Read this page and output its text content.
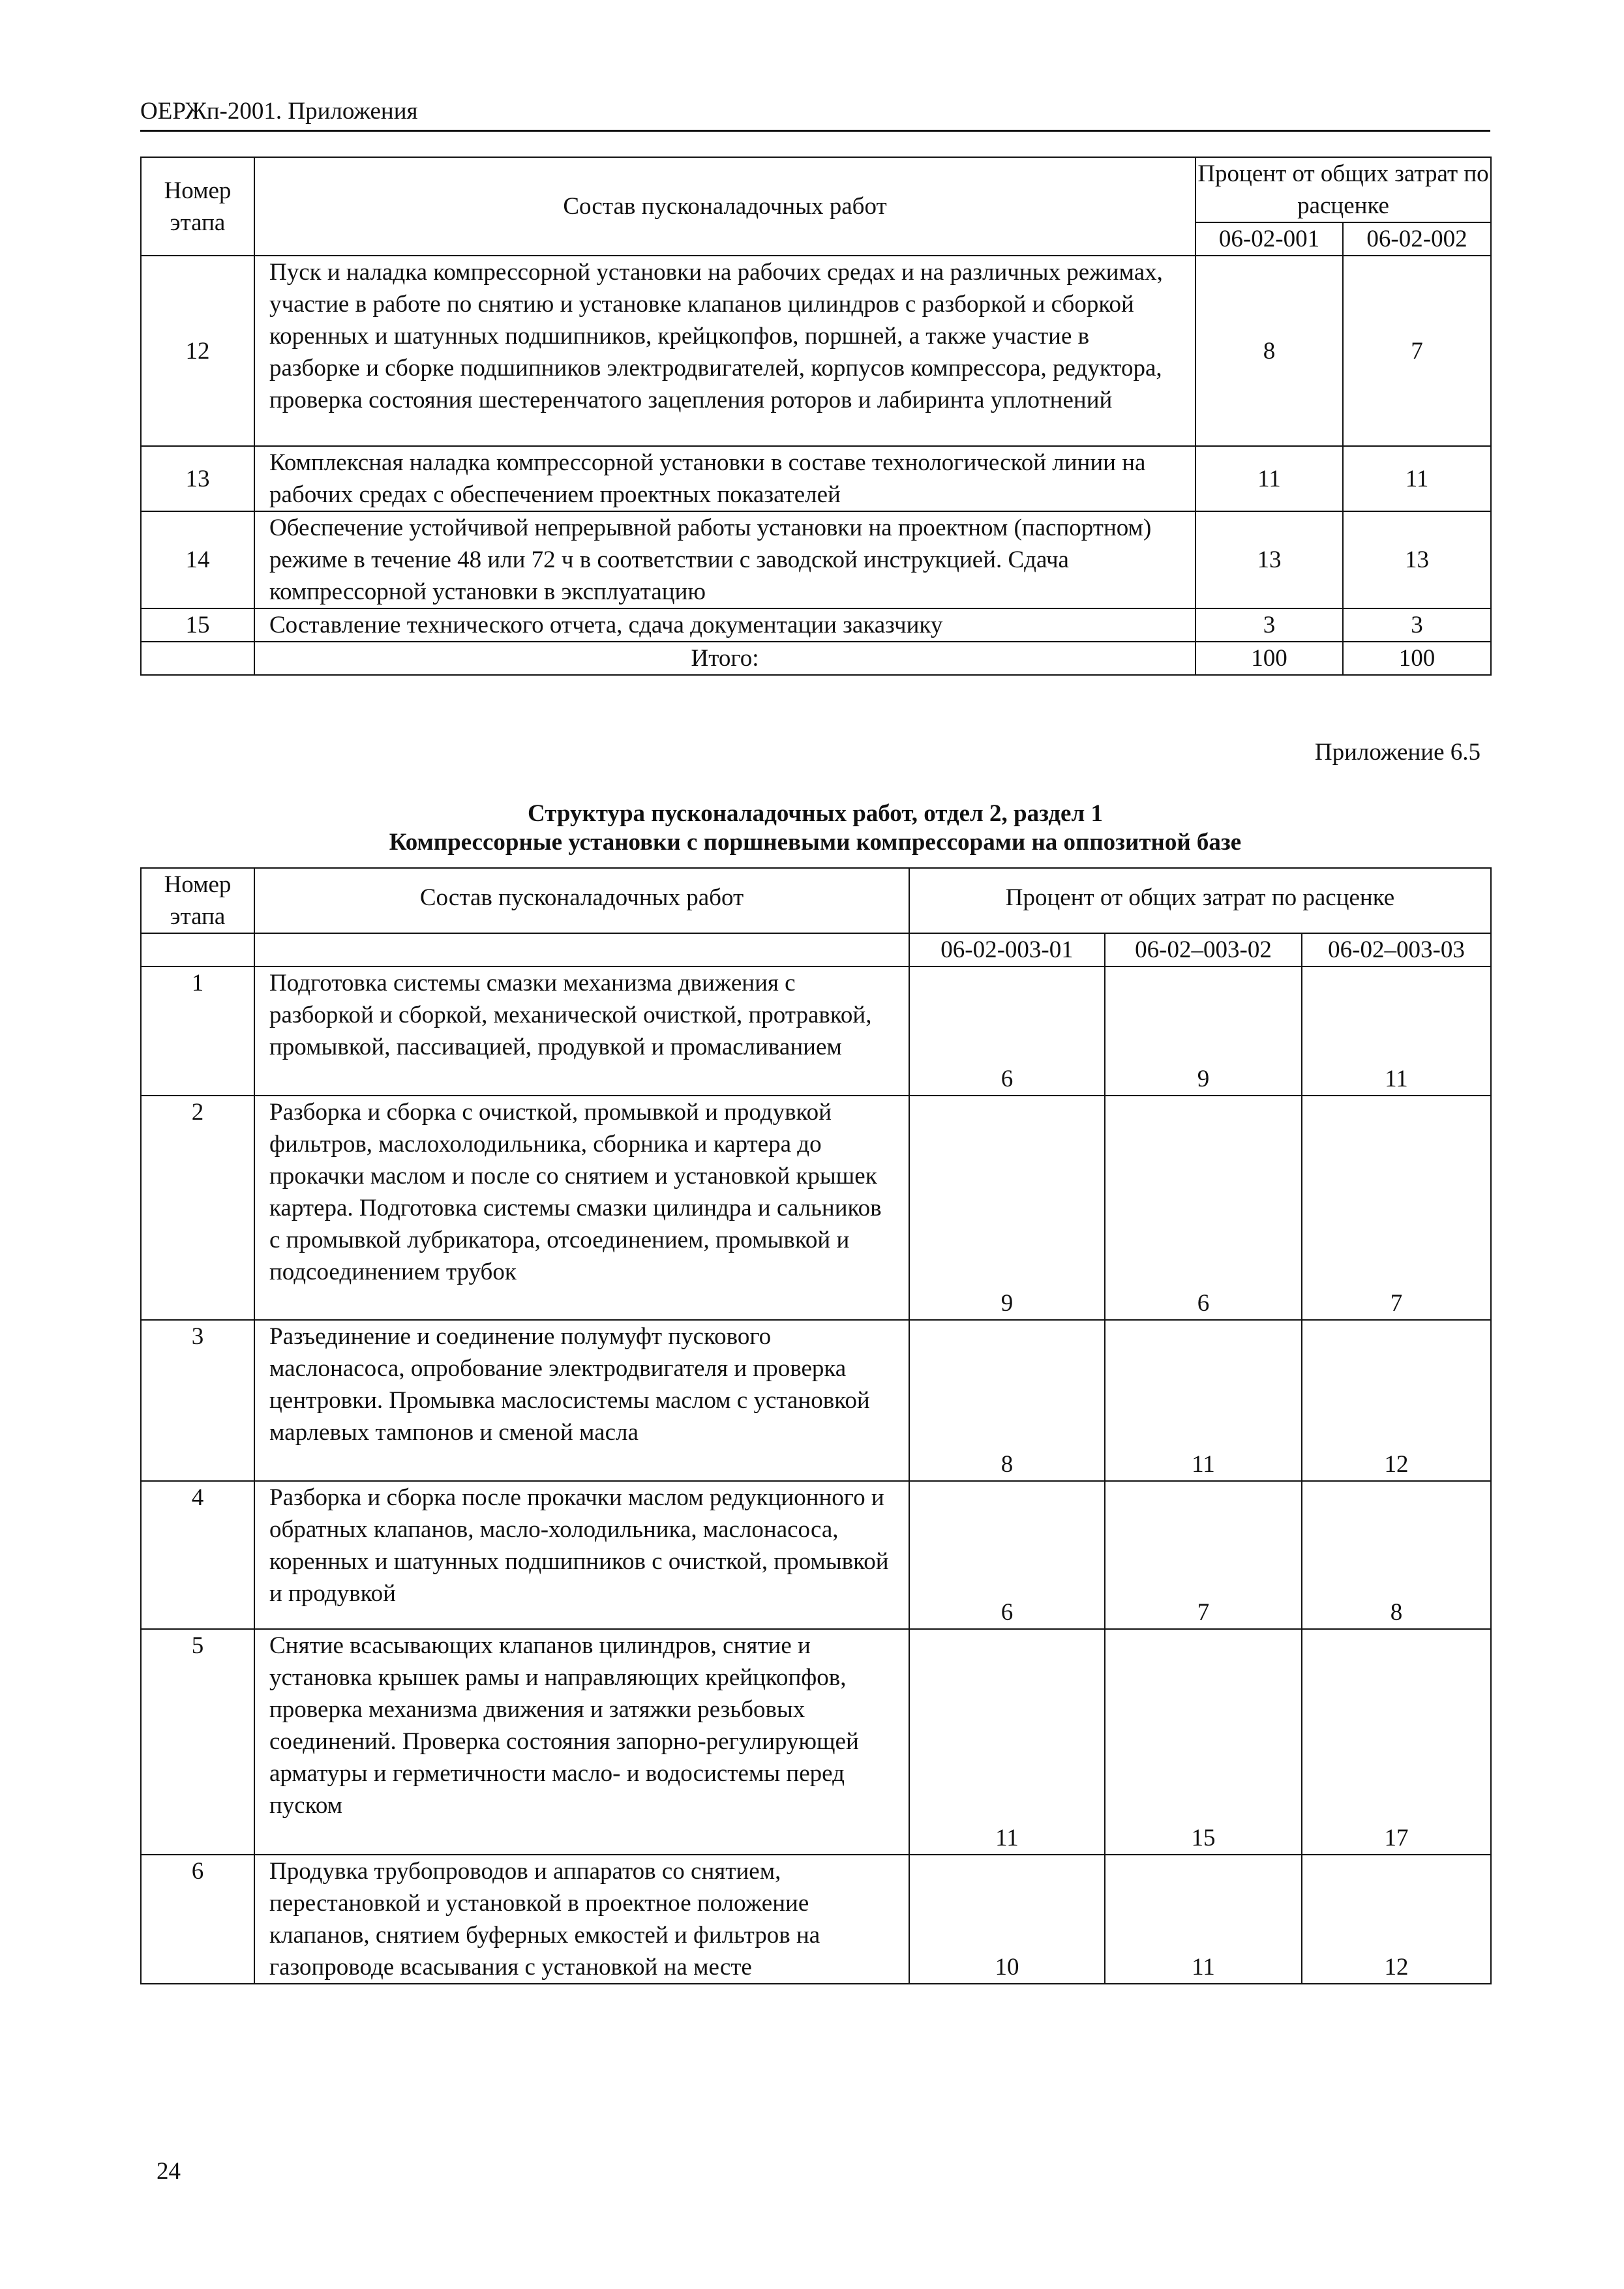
ОЕРЖп-2001. Приложения
Номер этапа	Состав пусконаладочных работ	Процент от общих затрат по расценке	
		06-02-001	06-02-002
12	Пуск и наладка компрессорной установки на рабочих средах и на различных режимах, участие в работе по снятию и установке клапанов цилиндров с разборкой и сборкой коренных и шатунных подшипников, крейцкопфов, поршней, а также участие в разборке и сборке подшипников электродвигателей, корпусов компрессора, редуктора, проверка состояния шестеренчатого зацепления роторов и лабиринта уплотнений	8	7
13	Комплексная наладка компрессорной установки в составе технологической линии на рабочих средах с обеспечением проектных показателей	11	11
14	Обеспечение устойчивой непрерывной работы установки на проектном (паспортном) режиме в течение 48 или 72 ч в соответствии с заводской инструкцией. Сдача компрессорной установки в эксплуатацию	13	13
15	Составление технического отчета, сдача документации заказчику	3	3
	Итого:	100	100
Приложение 6.5
Структура пусконаладочных работ, отдел 2, раздел 1
Компрессорные установки с поршневыми компрессорами на оппозитной базе
Номер этапа	Состав пусконаладочных работ	Процент от общих затрат по расценке		
		06-02-003-01	06-02–003-02	06-02–003-03
1	Подготовка системы смазки механизма движения с разборкой и сборкой, механической очисткой, протравкой, промывкой, пассивацией, продувкой и промасливанием	6	9	11
2	Разборка и сборка с очисткой, промывкой и продувкой фильтров, маслохолодильника, сборника и картера до прокачки маслом и после со снятием и установкой крышек картера. Подготовка системы смазки цилиндра и сальников с промывкой лубрикатора, отсоединением, промывкой и подсоединением трубок	9	6	7
3	Разъединение и соединение полумуфт пускового маслонасоса, опробование электродвигателя и проверка центровки. Промывка маслосистемы маслом с установкой марлевых тампонов и сменой масла	8	11	12
4	Разборка и сборка после прокачки маслом редукционного и обратных клапанов, масло-холодильника, маслонасоса, коренных и шатунных подшипников с очисткой, промывкой и продувкой	6	7	8
5	Снятие всасывающих клапанов цилиндров, снятие и установка крышек рамы и направляющих крейцкопфов, проверка механизма движения и затяжки резьбовых соединений. Проверка состояния запорно-регулирующей арматуры и герметичности масло- и водосистемы перед пуском	11	15	17
6	Продувка трубопроводов и аппаратов со снятием, перестановкой и установкой в проектное положение клапанов, снятием буферных емкостей и фильтров на газопроводе всасывания с установкой на месте	10	11	12
24
